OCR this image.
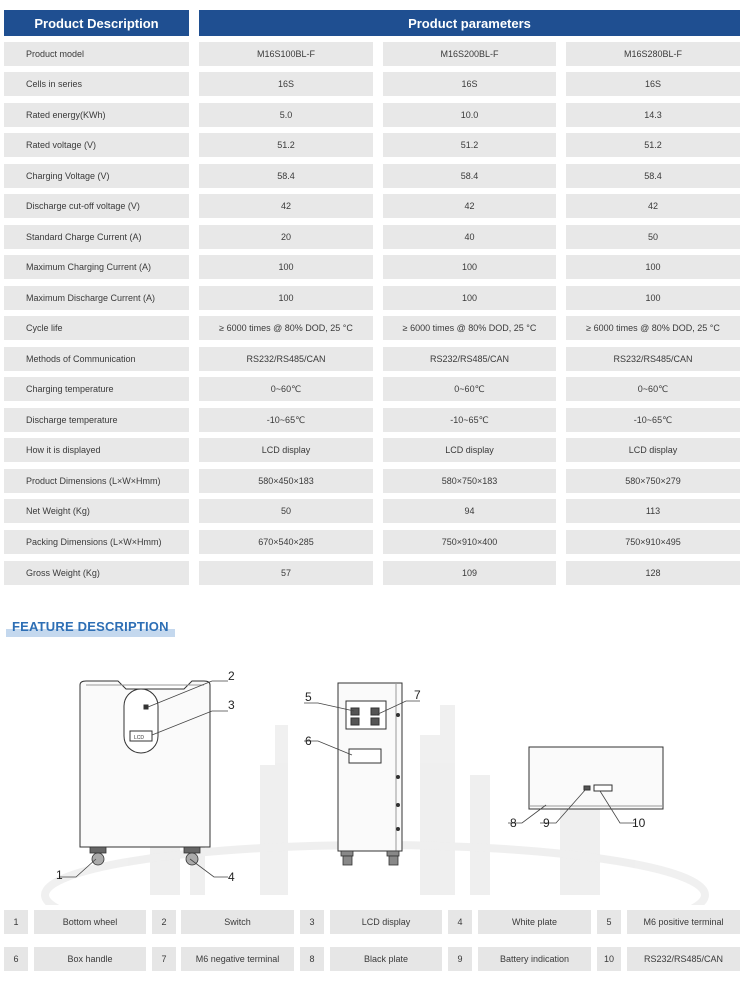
Product Description	Product parameters
Product model	M16S100BL-F	M16S200BL-F	M16S280BL-F
Cells in series	16S	16S	16S
Rated energy(KWh)	5.0	10.0	14.3
Rated voltage (V)	51.2	51.2	51.2
Charging Voltage (V)	58.4	58.4	58.4
Discharge cut-off voltage (V)	42	42	42
Standard Charge Current (A)	20	40	50
Maximum Charging Current (A)	100	100	100
Maximum Discharge Current (A)	100	100	100
Cycle life	≥ 6000 times @ 80% DOD, 25 °C	≥ 6000 times @ 80% DOD, 25 °C	≥ 6000 times @ 80% DOD, 25 °C
Methods of Communication	RS232/RS485/CAN	RS232/RS485/CAN	RS232/RS485/CAN
Charging temperature	0~60℃	0~60℃	0~60℃
Discharge temperature	-10~65℃	-10~65℃	-10~65℃
How it is displayed	LCD display	LCD display	LCD display
Product Dimensions (L×W×Hmm)	580×450×183	580×750×183	580×750×279
Net Weight (Kg)	50	94	113
Packing Dimensions (L×W×Hmm)	670×540×285	750×910×400	750×910×495
Gross Weight (Kg)	57	109	128
FEATURE DESCRIPTION
LCD
2
3
1	4
5	7
6
8 9	10
1	Bottom wheel	2	Switch	3	LCD display	4	White plate	5	M6 positive terminal
6	Box handle	7	M6 negative terminal	8	Black plate	9	Battery indication	10	RS232/RS485/CAN
